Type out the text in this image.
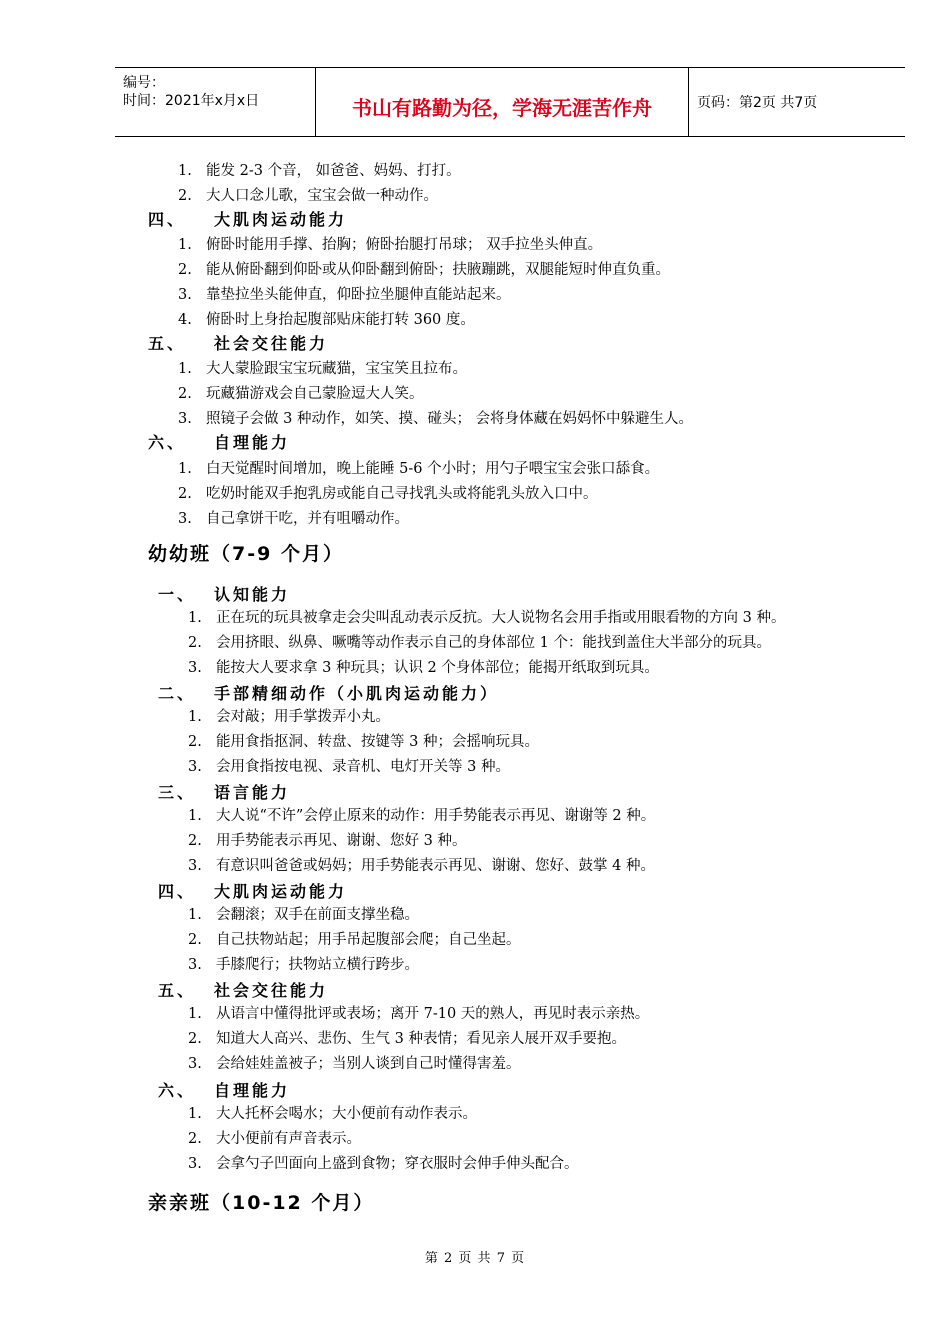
编号：
时间：2021年x月x日	书山有路勤为径，学海无涯苦作舟	页码：第2页 共7页
1. 能发 2-3 个音， 如爸爸、妈妈、打打。
2. 大人口念儿歌，宝宝会做一种动作。
四、 大肌肉运动能力
1. 俯卧时能用手撑、抬胸；俯卧抬腿打吊球； 双手拉坐头伸直。
2. 能从俯卧翻到仰卧或从仰卧翻到俯卧；扶腋蹦跳，双腿能短时伸直负重。
3. 靠垫拉坐头能伸直，仰卧拉坐腿伸直能站起来。
4. 俯卧时上身抬起腹部贴床能打转 360 度。
五、 社会交往能力
1. 大人蒙脸跟宝宝玩藏猫，宝宝笑且拉布。
2. 玩藏猫游戏会自己蒙脸逗大人笑。
3. 照镜子会做 3 种动作，如笑、摸、碰头； 会将身体藏在妈妈怀中躲避生人。
六、 自理能力
1. 白天觉醒时间增加，晚上能睡 5-6 个小时；用勺子喂宝宝会张口舔食。
2. 吃奶时能双手抱乳房或能自己寻找乳头或将能乳头放入口中。
3. 自己拿饼干吃，并有咀嚼动作。
幼幼班（7-9 个月）
一、 认知能力
1. 正在玩的玩具被拿走会尖叫乱动表示反抗。大人说物名会用手指或用眼看物的方向 3 种。
2. 会用挤眼、纵鼻、噘嘴等动作表示自己的身体部位 1 个：能找到盖住大半部分的玩具。
3. 能按大人要求拿 3 种玩具；认识 2 个身体部位；能揭开纸取到玩具。
二、 手部精细动作（小肌肉运动能力）
1. 会对敲；用手掌拨弄小丸。
2. 能用食指抠洞、转盘、按键等 3 种；会摇响玩具。
3. 会用食指按电视、录音机、电灯开关等 3 种。
三、 语言能力
1. 大人说“不许”会停止原来的动作：用手势能表示再见、谢谢等 2 种。
2. 用手势能表示再见、谢谢、您好 3 种。
3. 有意识叫爸爸或妈妈；用手势能表示再见、谢谢、您好、鼓掌 4 种。
四、 大肌肉运动能力
1. 会翻滚；双手在前面支撑坐稳。
2. 自己扶物站起；用手吊起腹部会爬；自己坐起。
3. 手膝爬行；扶物站立横行跨步。
五、 社会交往能力
1. 从语言中懂得批评或表场；离开 7-10 天的熟人，再见时表示亲热。
2. 知道大人高兴、悲伤、生气 3 种表情；看见亲人展开双手要抱。
3. 会给娃娃盖被子；当别人谈到自己时懂得害羞。
六、 自理能力
1. 大人托杯会喝水；大小便前有动作表示。
2. 大小便前有声音表示。
3. 会拿勺子凹面向上盛到食物；穿衣服时会伸手伸头配合。
亲亲班（10-12 个月）
第 2 页 共 7 页
